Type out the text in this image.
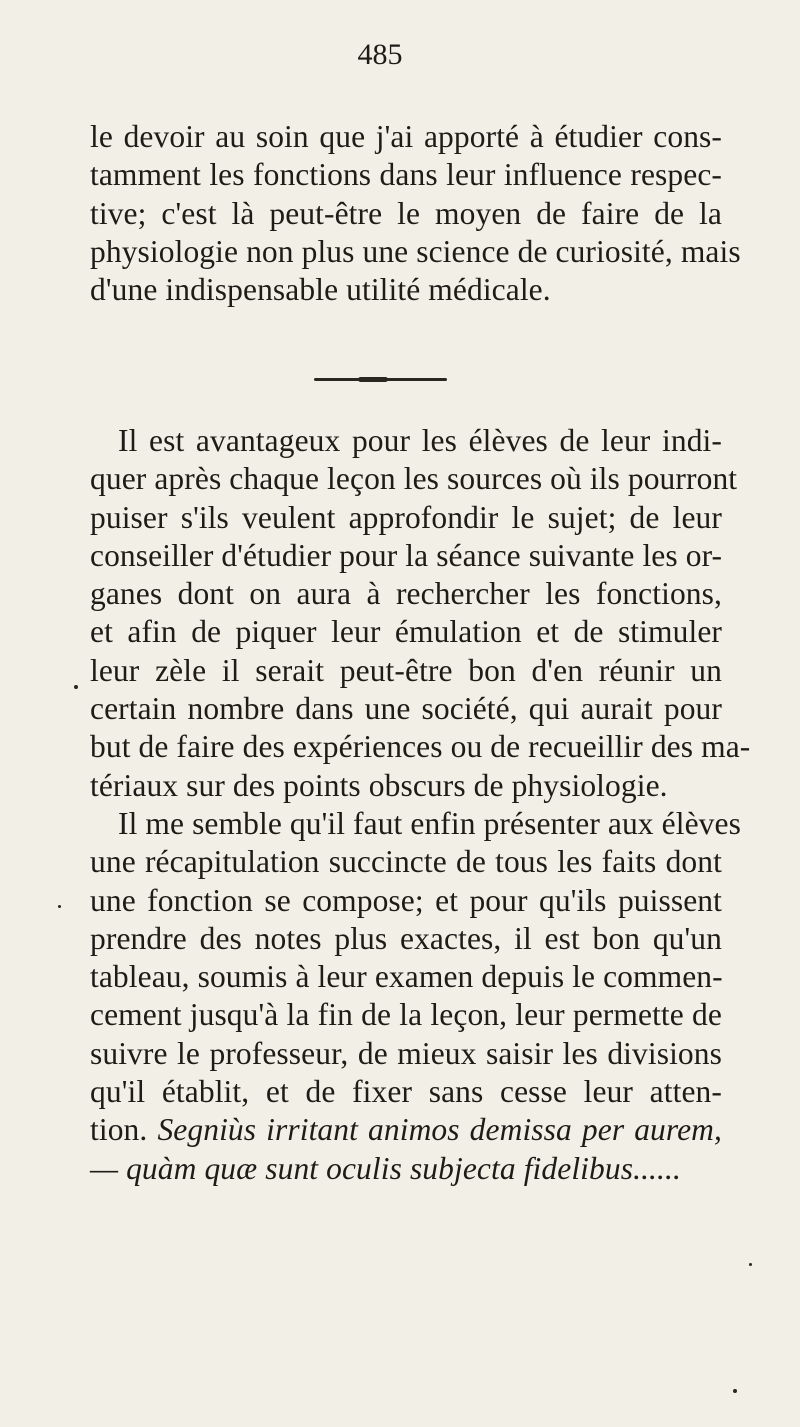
485
le devoir au soin que j'ai apporté à étudier cons-
tamment les fonctions dans leur influence respec-
tive; c'est là peut-être le moyen de faire de la
physiologie non plus une science de curiosité, mais
d'une indispensable utilité médicale.
Il est avantageux pour les élèves de leur indi-
quer après chaque leçon les sources où ils pourront
puiser s'ils veulent approfondir le sujet; de leur
conseiller d'étudier pour la séance suivante les or-
ganes dont on aura à rechercher les fonctions,
et afin de piquer leur émulation et de stimuler
leur zèle il serait peut-être bon d'en réunir un
certain nombre dans une société, qui aurait pour
but de faire des expériences ou de recueillir des ma-
tériaux sur des points obscurs de physiologie.
Il me semble qu'il faut enfin présenter aux élèves
une récapitulation succincte de tous les faits dont
une fonction se compose; et pour qu'ils puissent
prendre des notes plus exactes, il est bon qu'un
tableau, soumis à leur examen depuis le commen-
cement jusqu'à la fin de la leçon, leur permette de
suivre le professeur, de mieux saisir les divisions
qu'il établit, et de fixer sans cesse leur atten-
tion. Segniùs irritant animos demissa per aurem,
— quàm quæ sunt oculis subjecta fidelibus......
